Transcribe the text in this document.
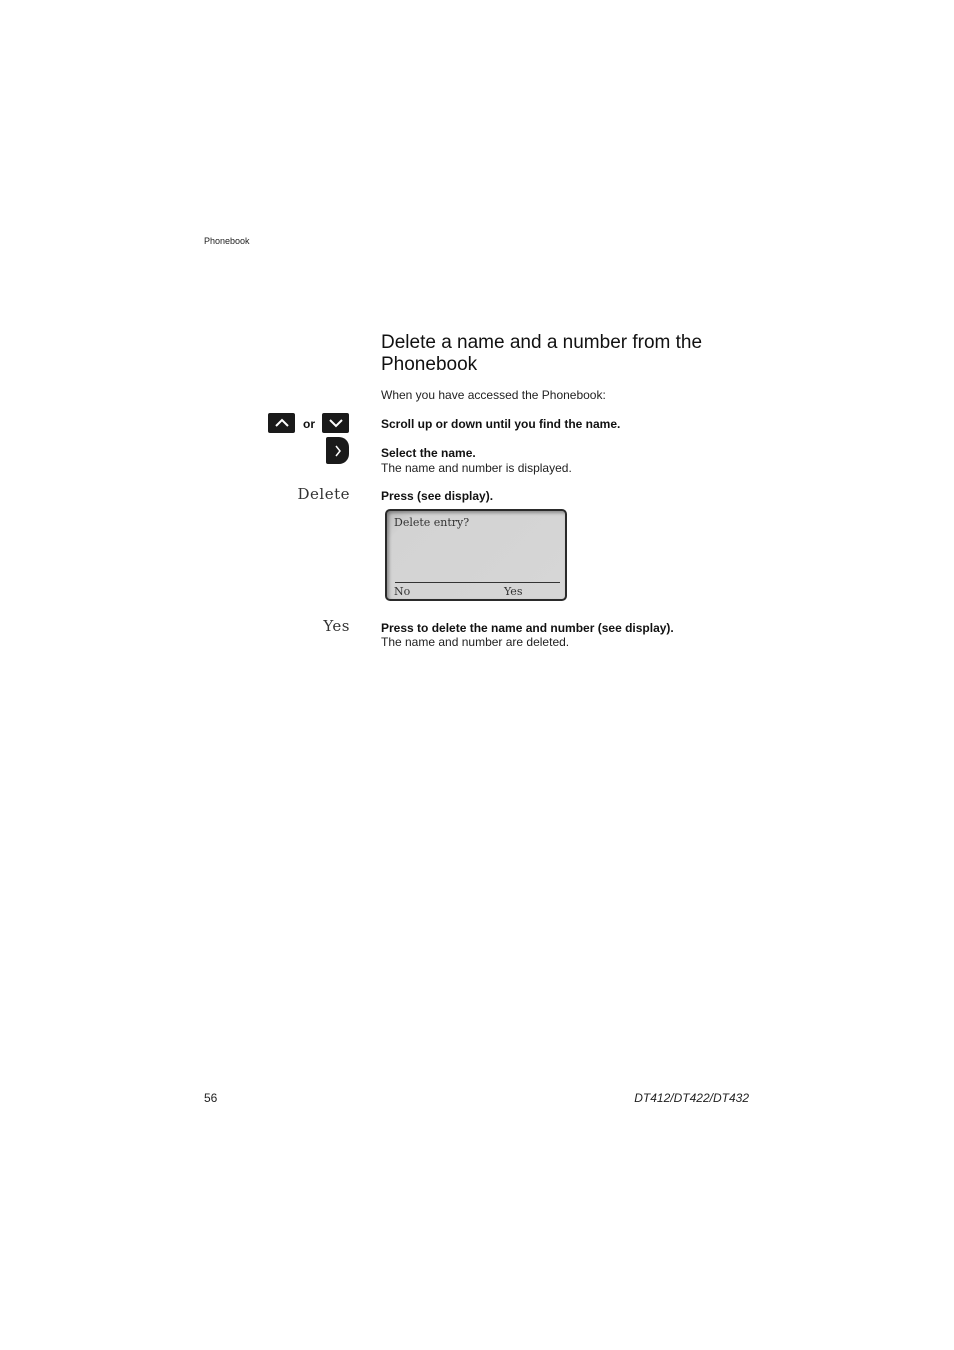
Phonebook
Delete a name and a number from the Phonebook
When you have accessed the Phonebook:
or	Scroll up or down until you find the name.
Select the name.
The name and number is displayed.
Delete	Press (see display).
Delete entry?
No	Yes
Yes	Press to delete the name and number (see display).
The name and number are deleted.
56	DT412/DT422/DT432
